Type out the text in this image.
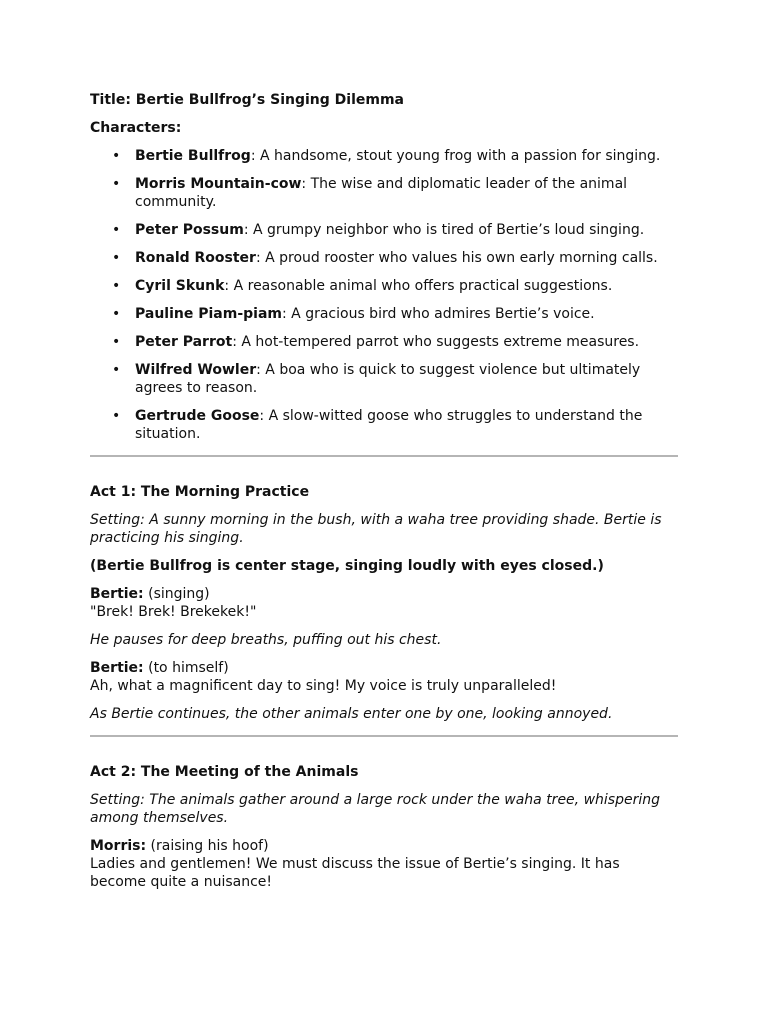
Title: Bertie Bullfrog’s Singing Dilemma

Characters:

• Bertie Bullfrog: A handsome, stout young frog with a passion for singing.
• Morris Mountain-cow: The wise and diplomatic leader of the animal community.
• Peter Possum: A grumpy neighbor who is tired of Bertie’s loud singing.
• Ronald Rooster: A proud rooster who values his own early morning calls.
• Cyril Skunk: A reasonable animal who offers practical suggestions.
• Pauline Piam-piam: A gracious bird who admires Bertie’s voice.
• Peter Parrot: A hot-tempered parrot who suggests extreme measures.
• Wilfred Wowler: A boa who is quick to suggest violence but ultimately agrees to reason.
• Gertrude Goose: A slow-witted goose who struggles to understand the situation.

Act 1: The Morning Practice

Setting: A sunny morning in the bush, with a waha tree providing shade. Bertie is practicing his singing.

(Bertie Bullfrog is center stage, singing loudly with eyes closed.)

Bertie: (singing)
"Brek! Brek! Brekekek!"

He pauses for deep breaths, puffing out his chest.

Bertie: (to himself)
Ah, what a magnificent day to sing! My voice is truly unparalleled!

As Bertie continues, the other animals enter one by one, looking annoyed.

Act 2: The Meeting of the Animals

Setting: The animals gather around a large rock under the waha tree, whispering among themselves.

Morris: (raising his hoof)
Ladies and gentlemen! We must discuss the issue of Bertie’s singing. It has become quite a nuisance!
